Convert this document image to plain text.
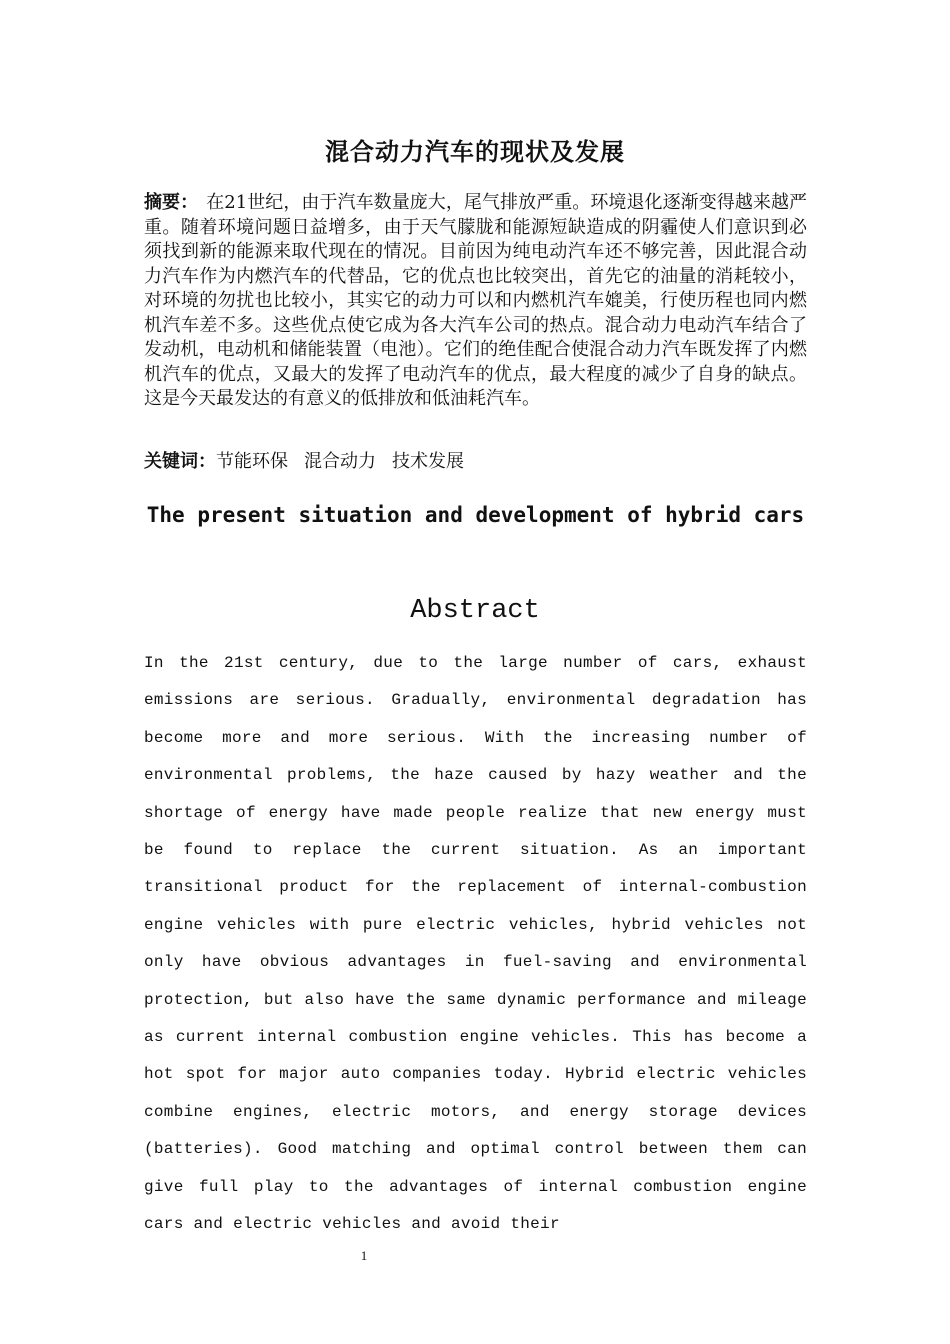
混合动力汽车的现状及发展
摘要： 在21世纪，由于汽车数量庞大，尾气排放严重。环境退化逐渐变得越来越严重。随着环境问题日益增多，由于天气朦胧和能源短缺造成的阴霾使人们意识到必须找到新的能源来取代现在的情况。目前因为纯电动汽车还不够完善，因此混合动力汽车作为内燃汽车的代替品，它的优点也比较突出，首先它的油量的消耗较小，对环境的勿扰也比较小，其实它的动力可以和内燃机汽车媲美，行使历程也同内燃机汽车差不多。这些优点使它成为各大汽车公司的热点。混合动力电动汽车结合了发动机，电动机和储能装置（电池）。它们的绝佳配合使混合动力汽车既发挥了内燃机汽车的优点，又最大的发挥了电动汽车的优点，最大程度的减少了自身的缺点。这是今天最发达的有意义的低排放和低油耗汽车。
关键词：节能环保 混合动力 技术发展
The present situation and development of hybrid cars
Abstract
In the 21st century, due to the large number of cars, exhaust emissions are serious. Gradually, environmental degradation has become more and more serious. With the increasing number of environmental problems, the haze caused by hazy weather and the shortage of energy have made people realize that new energy must be found to replace the current situation. As an important transitional product for the replacement of internal-combustion engine vehicles with pure electric vehicles, hybrid vehicles not only have obvious advantages in fuel-saving and environmental protection, but also have the same dynamic performance and mileage as current internal combustion engine vehicles. This has become a hot spot for major auto companies today. Hybrid electric vehicles combine engines, electric motors, and energy storage devices (batteries). Good matching and optimal control between them can give full play to the advantages of internal combustion engine cars and electric vehicles and avoid their
1
